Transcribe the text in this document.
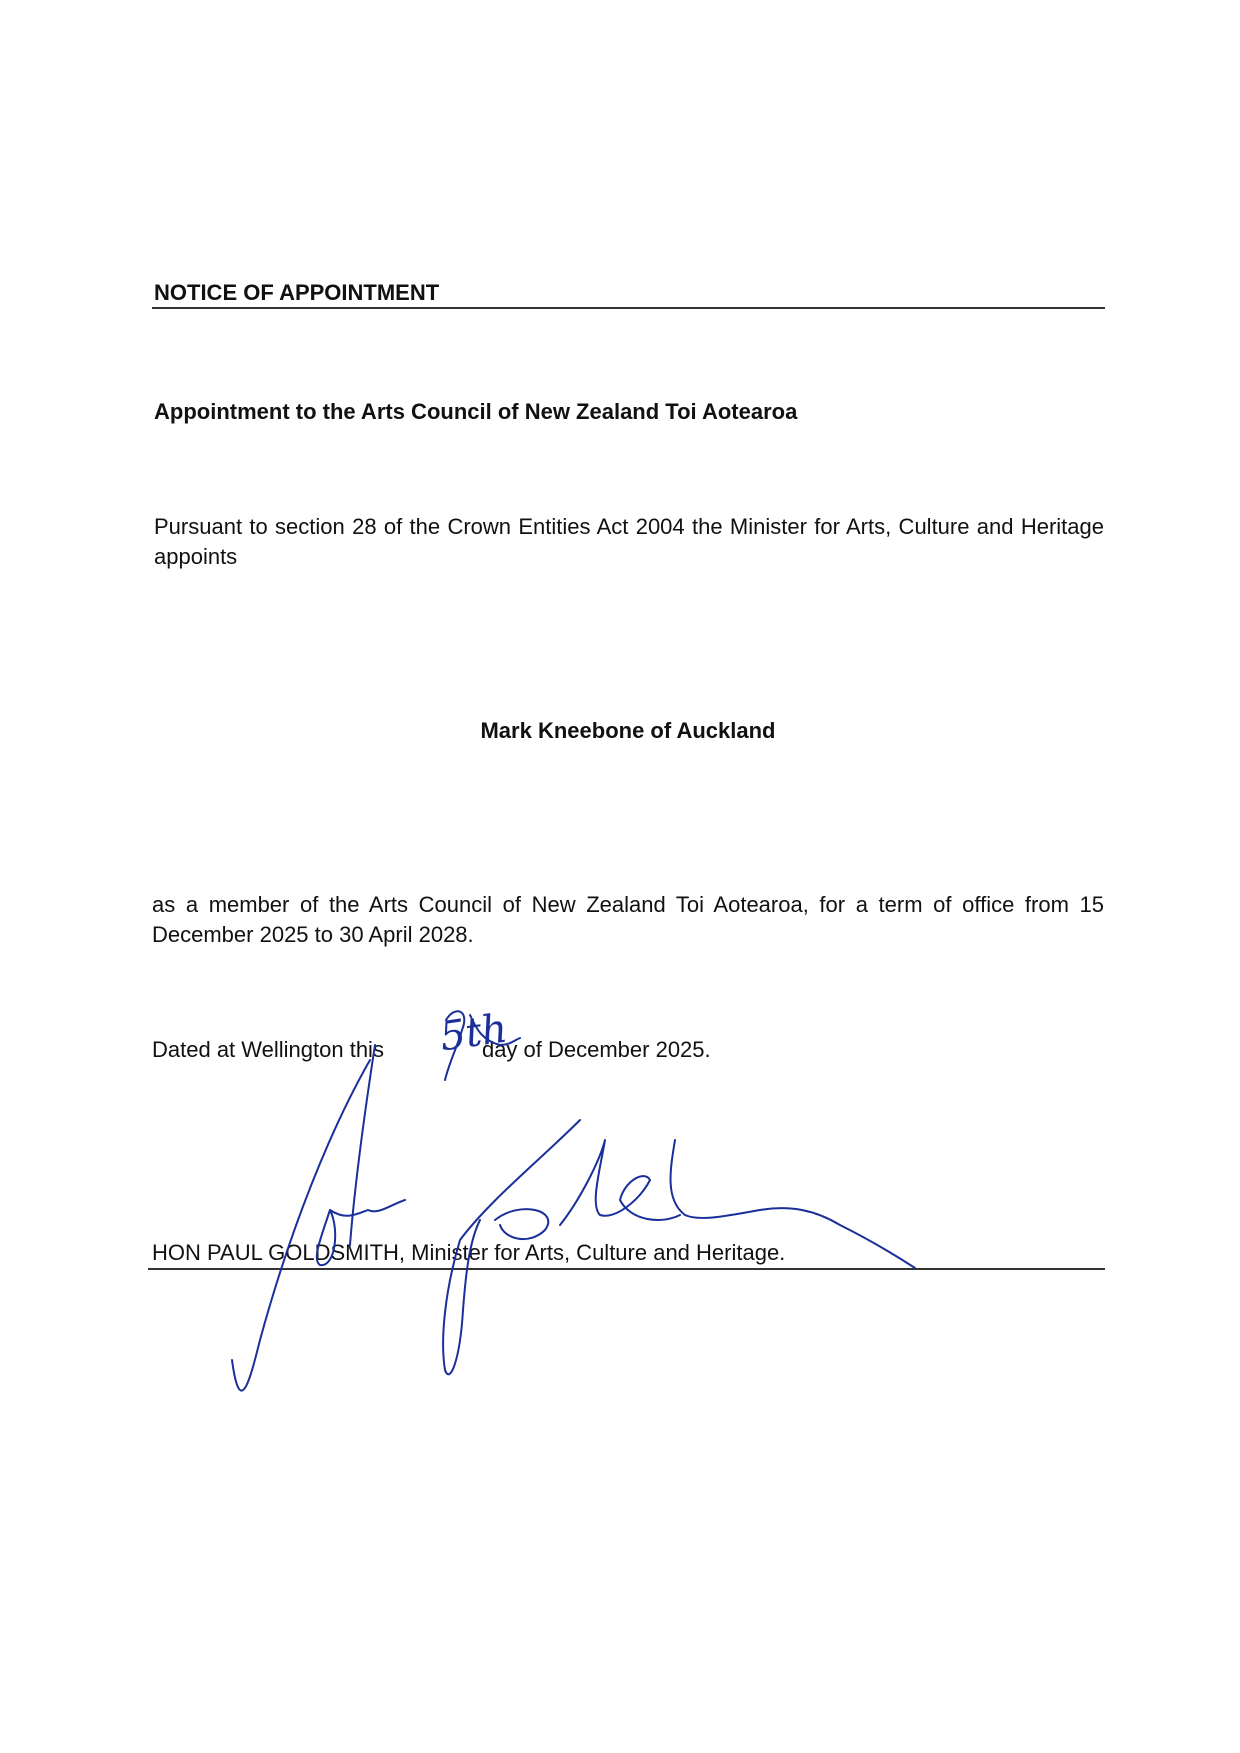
NOTICE OF APPOINTMENT
Appointment to the Arts Council of New Zealand Toi Aotearoa
Pursuant to section 28 of the Crown Entities Act 2004 the Minister for Arts, Culture and Heritage appoints
Mark Kneebone of Auckland
as a member of the Arts Council of New Zealand Toi Aotearoa, for a term of office from 15 December 2025 to 30 April 2028.
Dated at Wellington this	day of December 2025.
5th
HON PAUL GOLDSMITH, Minister for Arts, Culture and Heritage.
